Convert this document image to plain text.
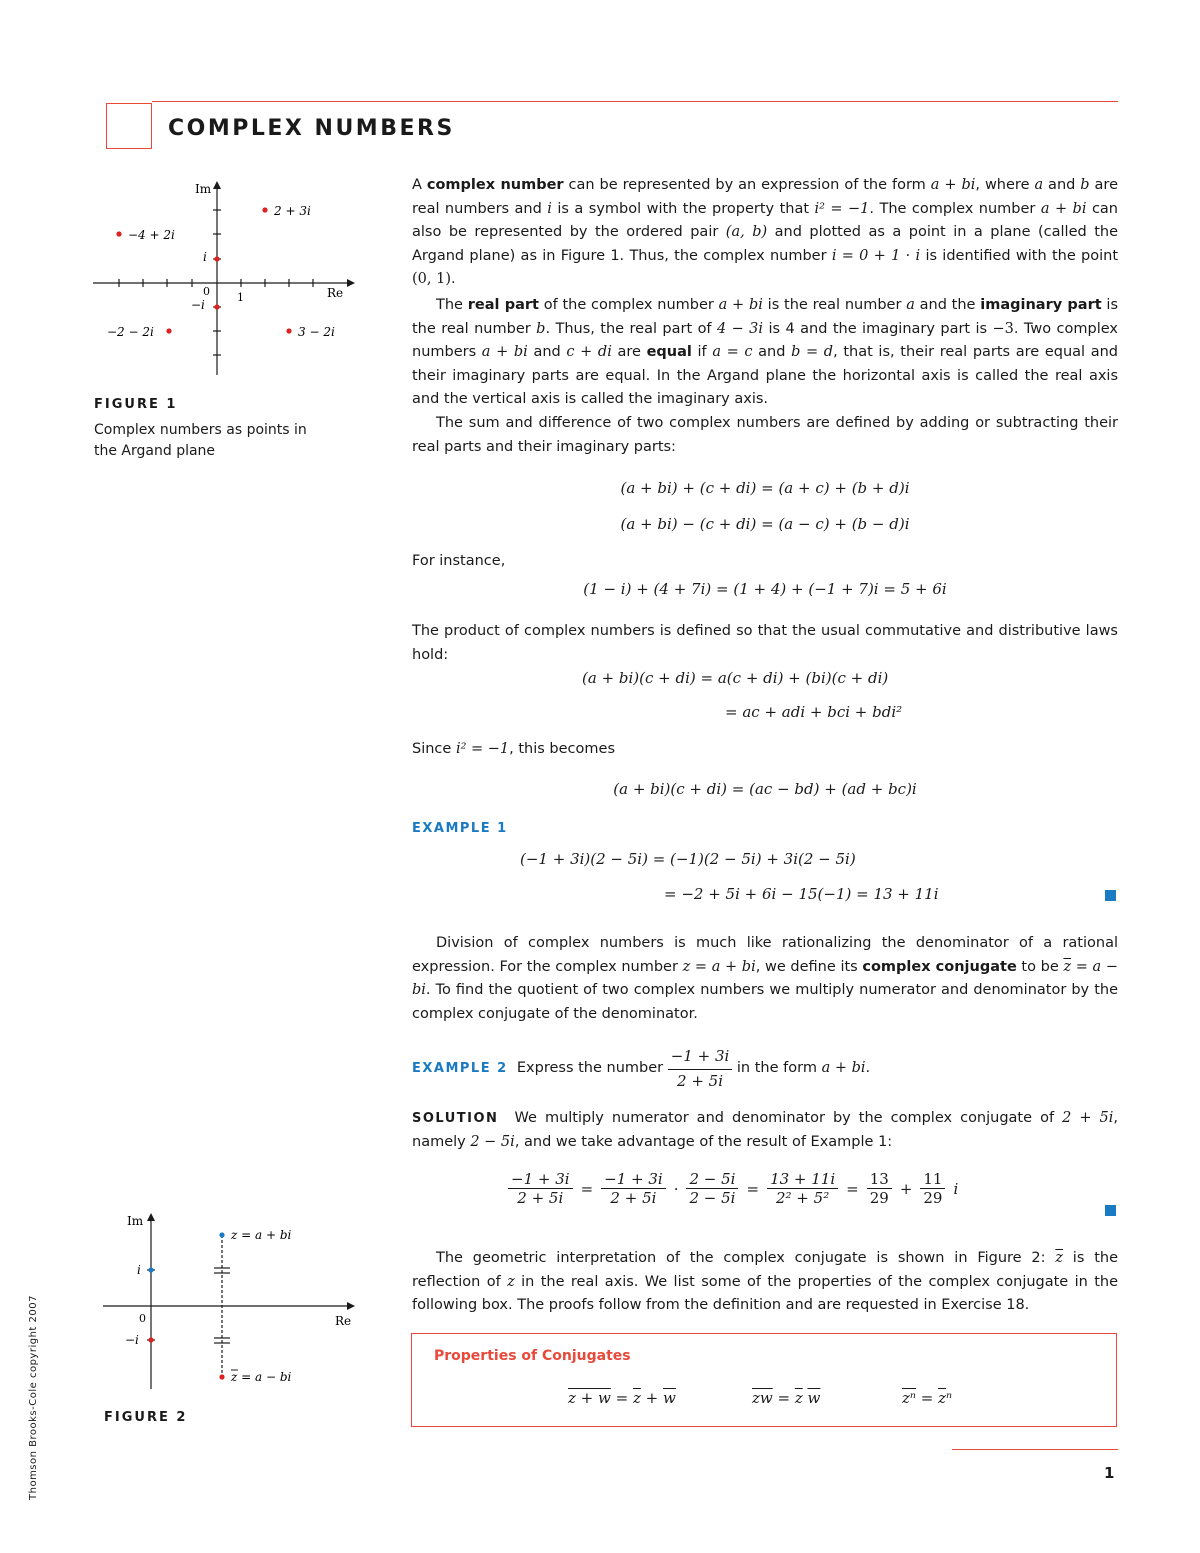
COMPLEX NUMBERS
Im
Re
0 1
i
−i
2 + 3i
−4 + 2i
−2 − 2i	3 − 2i
FIGURE 1
Complex numbers as points in the Argand plane
Im
Re
0
i
−i
z = a + bi
z = a − bi
FIGURE 2

A complex number can be represented by an expression of the form a + bi, where a and b are real numbers and i is a symbol with the property that i² = −1. The complex number a + bi can also be represented by the ordered pair (a, b) and plotted as a point in a plane (called the Argand plane) as in Figure 1. Thus, the complex number i = 0 + 1 · i is identified with the point (0, 1).

The real part of the complex number a + bi is the real number a and the imaginary part is the real number b. Thus, the real part of 4 − 3i is 4 and the imaginary part is −3. Two complex numbers a + bi and c + di are equal if a = c and b = d, that is, their real parts are equal and their imaginary parts are equal. In the Argand plane the horizontal axis is called the real axis and the vertical axis is called the imaginary axis.

The sum and difference of two complex numbers are defined by adding or subtracting their real parts and their imaginary parts:

(a + bi) + (c + di) = (a + c) + (b + d)i
(a + bi) − (c + di) = (a − c) + (b − d)i
For instance,
(1 − i) + (4 + 7i) = (1 + 4) + (−1 + 7)i = 5 + 6i

The product of complex numbers is defined so that the usual commutative and distributive laws hold:

(a + bi)(c + di) = a(c + di) + (bi)(c + di)
= ac + adi + bci + bdi²
Since i² = −1, this becomes
(a + bi)(c + di) = (ac − bd) + (ad + bc)i
EXAMPLE 1
(−1 + 3i)(2 − 5i) = (−1)(2 − 5i) + 3i(2 − 5i)
= −2 + 5i + 6i − 15(−1) = 13 + 11i

Division of complex numbers is much like rationalizing the denominator of a rational expression. For the complex number z = a + bi, we define its complex conjugate to be $\overline{z} = a$ − bi. To find the quotient of two complex numbers we multiply numerator and denominator by the complex conjugate of the denominator.

EXAMPLE 2
Express the number
$\frac{-1 + 3i}{2 + 5i}$
in the form
a + bi .

SOLUTION We multiply numerator and denominator by the complex conjugate of 2 + 5i, namely 2 − 5i, and we take advantage of the result of Example 1:

$\frac{-1 + 3i}{2 + 5i} = \frac{-1 + 3i}{2 + 5i} \cdot \frac{2 - 5i}{2 - 5i} = \frac{13 + 11i}{\text{2² + 5²}} = \frac{13}{29} + \frac{11}{29}$ i

The geometric interpretation of the complex conjugate is shown in Figure 2: $\overline{z}$ is the reflection of z in the real axis. We list some of the properties of the complex conjugate in the following box. The proofs follow from the definition and are requested in Exercise 18.

Properties of Conjugates
$z + w = \overline{z} + \overline{w}$	$\overline{zw} = \overline{z}$ $\overline{w}$	$\overline{z^n} = \overline{z}^n$
1
Thomson Brooks-Cole copyright 2007
